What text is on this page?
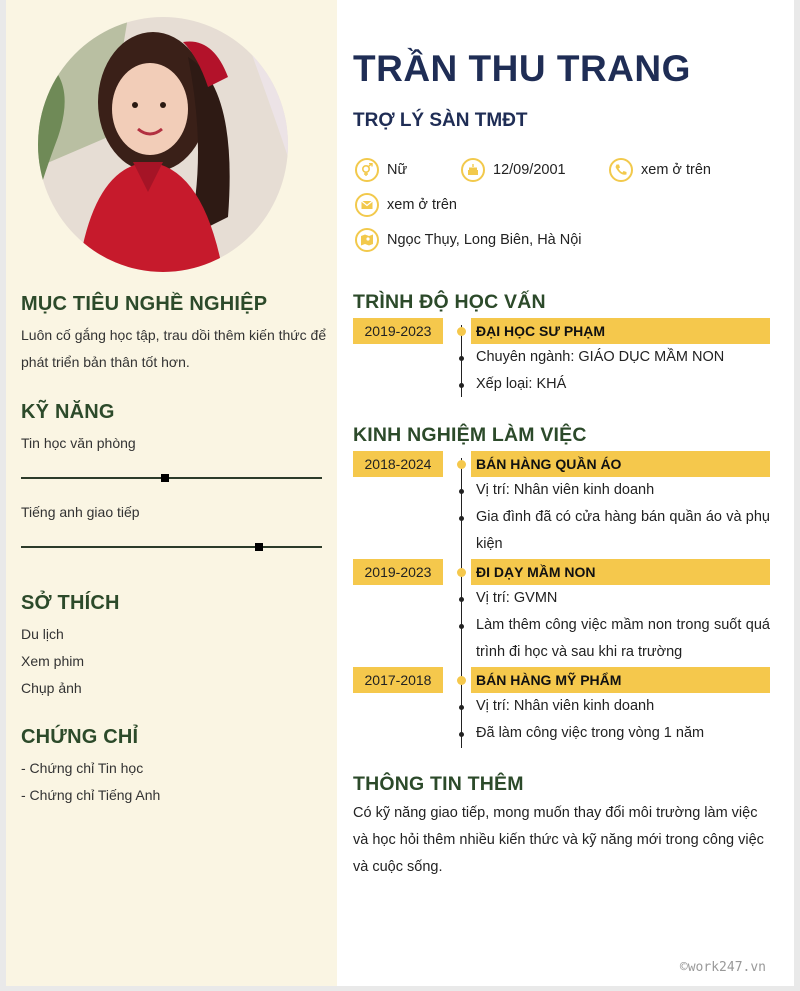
MỤC TIÊU NGHỀ NGHIỆP

Luôn cố gắng học tập, trau dồi thêm kiến thức để phát triển bản thân tốt hơn.

KỸ NĂNG

Tin học văn phòng

Tiếng anh giao tiếp

SỞ THÍCH

Du lịch

Xem phim

Chụp ảnh

CHỨNG CHỈ

- Chứng chỉ Tin học

- Chứng chỉ Tiếng Anh

TRẦN THU TRANG
TRỢ LÝ SÀN TMĐT
Nữ	12/09/2001	xem ở trên
xem ở trên
Ngọc Thụy, Long Biên, Hà Nội
TRÌNH ĐỘ HỌC VẤN
2019-2023	ĐẠI HỌC SƯ PHẠM

Chuyên ngành: GIÁO DỤC MẦM NON

Xếp loại: KHÁ

KINH NGHIỆM LÀM VIỆC
2018-2024	BÁN HÀNG QUẦN ÁO

Vị trí: Nhân viên kinh doanh

Gia đình đã có cửa hàng bán quần áo và phụ kiện

2019-2023	ĐI DẠY MẦM NON

Vị trí: GVMN

Làm thêm công việc mầm non trong suốt quá trình đi học và sau khi ra trường

2017-2018	BÁN HÀNG MỸ PHẨM

Vị trí: Nhân viên kinh doanh

Đã làm công việc trong vòng 1 năm

THÔNG TIN THÊM

Có kỹ năng giao tiếp, mong muốn thay đổi môi trường làm việc và học hỏi thêm nhiều kiến thức và kỹ năng mới trong công việc và cuộc sống.

©work247.vn
